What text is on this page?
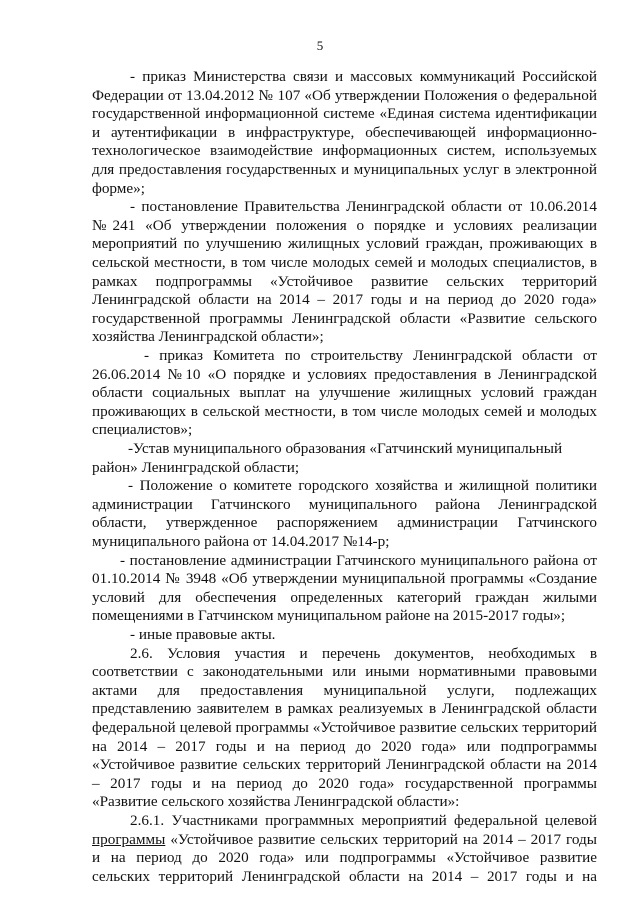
5
- приказ Министерства связи и массовых коммуникаций Российской
Федерации от 13.04.2012 № 107 «Об утверждении Положения о федеральной
государственной информационной системе «Единая система идентификации
и аутентификации в инфраструктуре, обеспечивающей информационно-
технологическое взаимодействие информационных систем, используемых
для предоставления государственных и муниципальных услуг в электронной
форме»;
- постановление Правительства Ленинградской области от 10.06.2014
№241 «Об утверждении положения о порядке и условиях реализации
мероприятий по улучшению жилищных условий граждан, проживающих в
сельской местности, в том числе молодых семей и молодых специалистов, в
рамках подпрограммы «Устойчивое развитие сельских территорий
Ленинградской области на 2014 – 2017 годы и на период до 2020 года»
государственной программы Ленинградской области «Развитие сельского
хозяйства Ленинградской области»;
- приказ Комитета по строительству Ленинградской области от
26.06.2014 №10 «О порядке и условиях предоставления в Ленинградской
области социальных выплат на улучшение жилищных условий граждан
проживающих в сельской местности, в том числе молодых семей и молодых
специалистов»;
-Устав муниципального образования «Гатчинский муниципальный
район» Ленинградской области;
- Положение о комитете городского хозяйства и жилищной политики
администрации Гатчинского муниципального района Ленинградской
области, утвержденное распоряжением администрации Гатчинского
муниципального района от 14.04.2017 №14-р;
- постановление администрации Гатчинского муниципального района от
01.10.2014 № 3948 «Об утверждении муниципальной программы «Создание
условий для обеспечения определенных категорий граждан жилыми
помещениями в Гатчинском муниципальном районе на 2015-2017 годы»;
- иные правовые акты.
2.6. Условия участия и перечень документов, необходимых в
соответствии с законодательными или иными нормативными правовыми
актами для предоставления муниципальной услуги, подлежащих
представлению заявителем в рамках реализуемых в Ленинградской области
федеральной целевой программы «Устойчивое развитие сельских территорий
на 2014 – 2017 годы и на период до 2020 года» или подпрограммы
«Устойчивое развитие сельских территорий Ленинградской области на 2014
– 2017 годы и на период до 2020 года» государственной программы
«Развитие сельского хозяйства Ленинградской области»:
2.6.1. Участниками программных мероприятий федеральной целевой
программы «Устойчивое развитие сельских территорий на 2014 – 2017 годы
и на период до 2020 года» или подпрограммы «Устойчивое развитие
сельских территорий Ленинградской области на 2014 – 2017 годы и на
